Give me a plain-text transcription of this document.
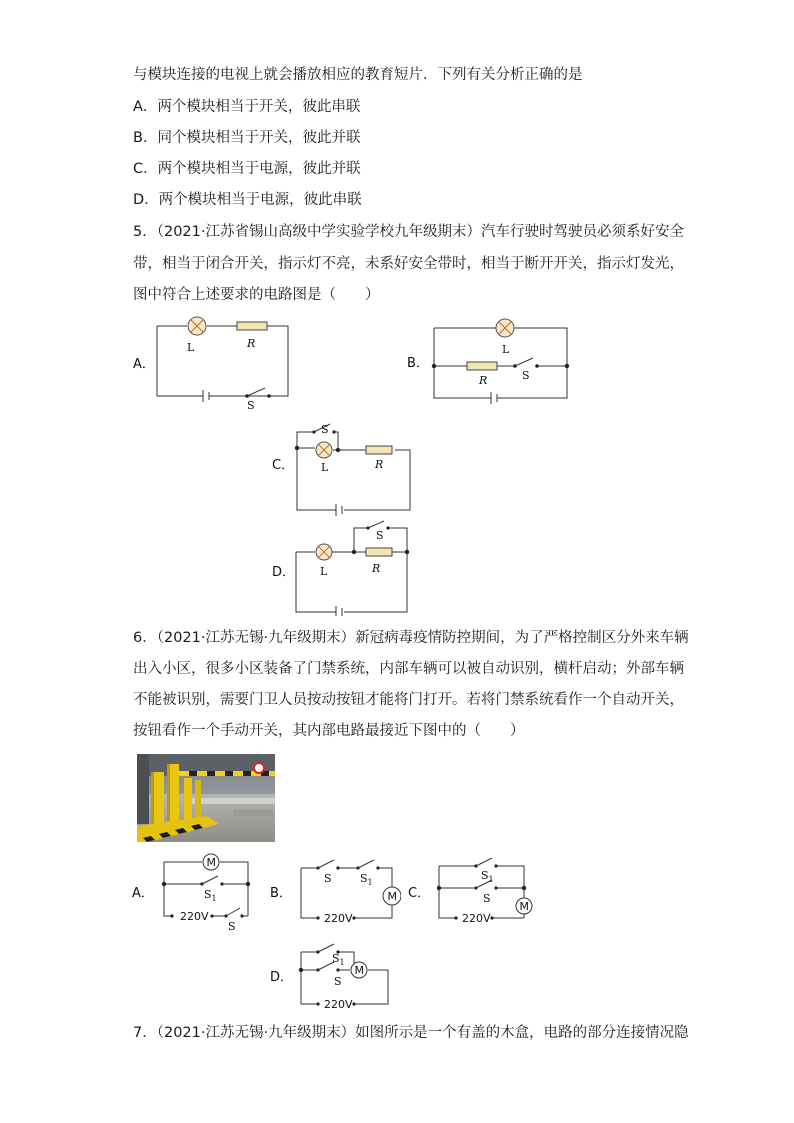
与模块连接的电视上就会播放相应的教育短片．下列有关分析正确的是
A．两个模块相当于开关，彼此串联
B．同个模块相当于开关，彼此并联
C．两个模块相当于电源，彼此并联
D．两个模块相当于电源，彼此串联
5．（2021·江苏省锡山高级中学实验学校九年级期末）汽车行驶时驾驶员必须系好安全
带，相当于闭合开关，指示灯不亮，未系好安全带时，相当于断开开关，指示灯发光，
图中符合上述要求的电路图是（　　）
A．
L	R
S
B．
L
R	S
C．
S
L	R
D．
S
L	R
6．（2021·江苏无锡·九年级期末）新冠病毒疫情防控期间，为了严格控制区分外来车辆
出入小区，很多小区装备了门禁系统，内部车辆可以被自动识别，横杆启动；外部车辆
不能被识别，需要门卫人员按动按钮才能将门打开。若将门禁系统看作一个自动开关，
按钮看作一个手动开关，其内部电路最接近下图中的（　　）
A．
M
$S_1$
220V
S
B．	M
S	$S_1$
220V
C．
M
$S_1$
S
220V
D．	M
$S_1$
S
220V
7．（2021·江苏无锡·九年级期末）如图所示是一个有盖的木盒，电路的部分连接情况隐
